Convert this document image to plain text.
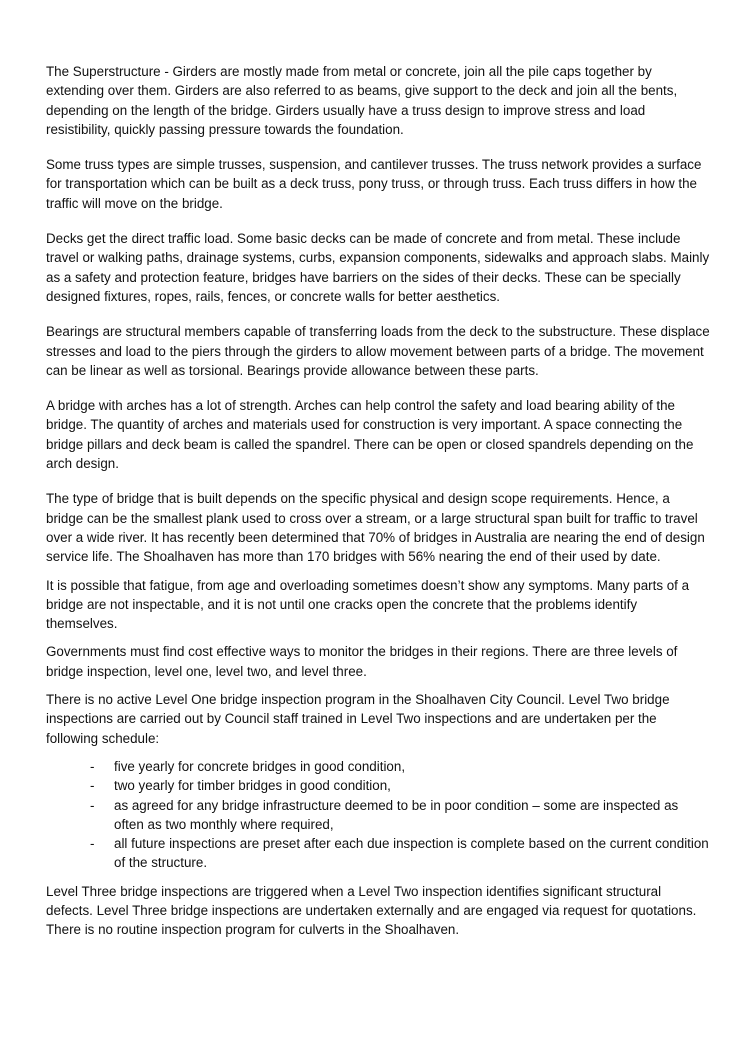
The Superstructure - Girders are mostly made from metal or concrete, join all the pile caps together by extending over them. Girders are also referred to as beams, give support to the deck and join all the bents, depending on the length of the bridge. Girders usually have a truss design to improve stress and load resistibility, quickly passing pressure towards the foundation.

Some truss types are simple trusses, suspension, and cantilever trusses. The truss network provides a surface for transportation which can be built as a deck truss, pony truss, or through truss. Each truss differs in how the traffic will move on the bridge.

Decks get the direct traffic load. Some basic decks can be made of concrete and from metal. These include travel or walking paths, drainage systems, curbs, expansion components, sidewalks and approach slabs. Mainly as a safety and protection feature, bridges have barriers on the sides of their decks. These can be specially designed fixtures, ropes, rails, fences, or concrete walls for better aesthetics.

Bearings are structural members capable of transferring loads from the deck to the substructure. These displace stresses and load to the piers through the girders to allow movement between parts of a bridge. The movement can be linear as well as torsional. Bearings provide allowance between these parts.

A bridge with arches has a lot of strength. Arches can help control the safety and load bearing ability of the bridge. The quantity of arches and materials used for construction is very important. A space connecting the bridge pillars and deck beam is called the spandrel. There can be open or closed spandrels depending on the arch design.

The type of bridge that is built depends on the specific physical and design scope requirements. Hence, a bridge can be the smallest plank used to cross over a stream, or a large structural span built for traffic to travel over a wide river. It has recently been determined that 70% of bridges in Australia are nearing the end of design service life. The Shoalhaven has more than 170 bridges with 56% nearing the end of their used by date.

It is possible that fatigue, from age and overloading sometimes doesn’t show any symptoms. Many parts of a bridge are not inspectable, and it is not until one cracks open the concrete that the problems identify themselves.

Governments must find cost effective ways to monitor the bridges in their regions. There are three levels of bridge inspection, level one, level two, and level three.

There is no active Level One bridge inspection program in the Shoalhaven City Council. Level Two bridge inspections are carried out by Council staff trained in Level Two inspections and are undertaken per the following schedule:

- five yearly for concrete bridges in good condition,
- two yearly for timber bridges in good condition,
- as agreed for any bridge infrastructure deemed to be in poor condition – some are inspected as often as two monthly where required,
- all future inspections are preset after each due inspection is complete based on the current condition of the structure.

Level Three bridge inspections are triggered when a Level Two inspection identifies significant structural defects. Level Three bridge inspections are undertaken externally and are engaged via request for quotations. There is no routine inspection program for culverts in the Shoalhaven.
